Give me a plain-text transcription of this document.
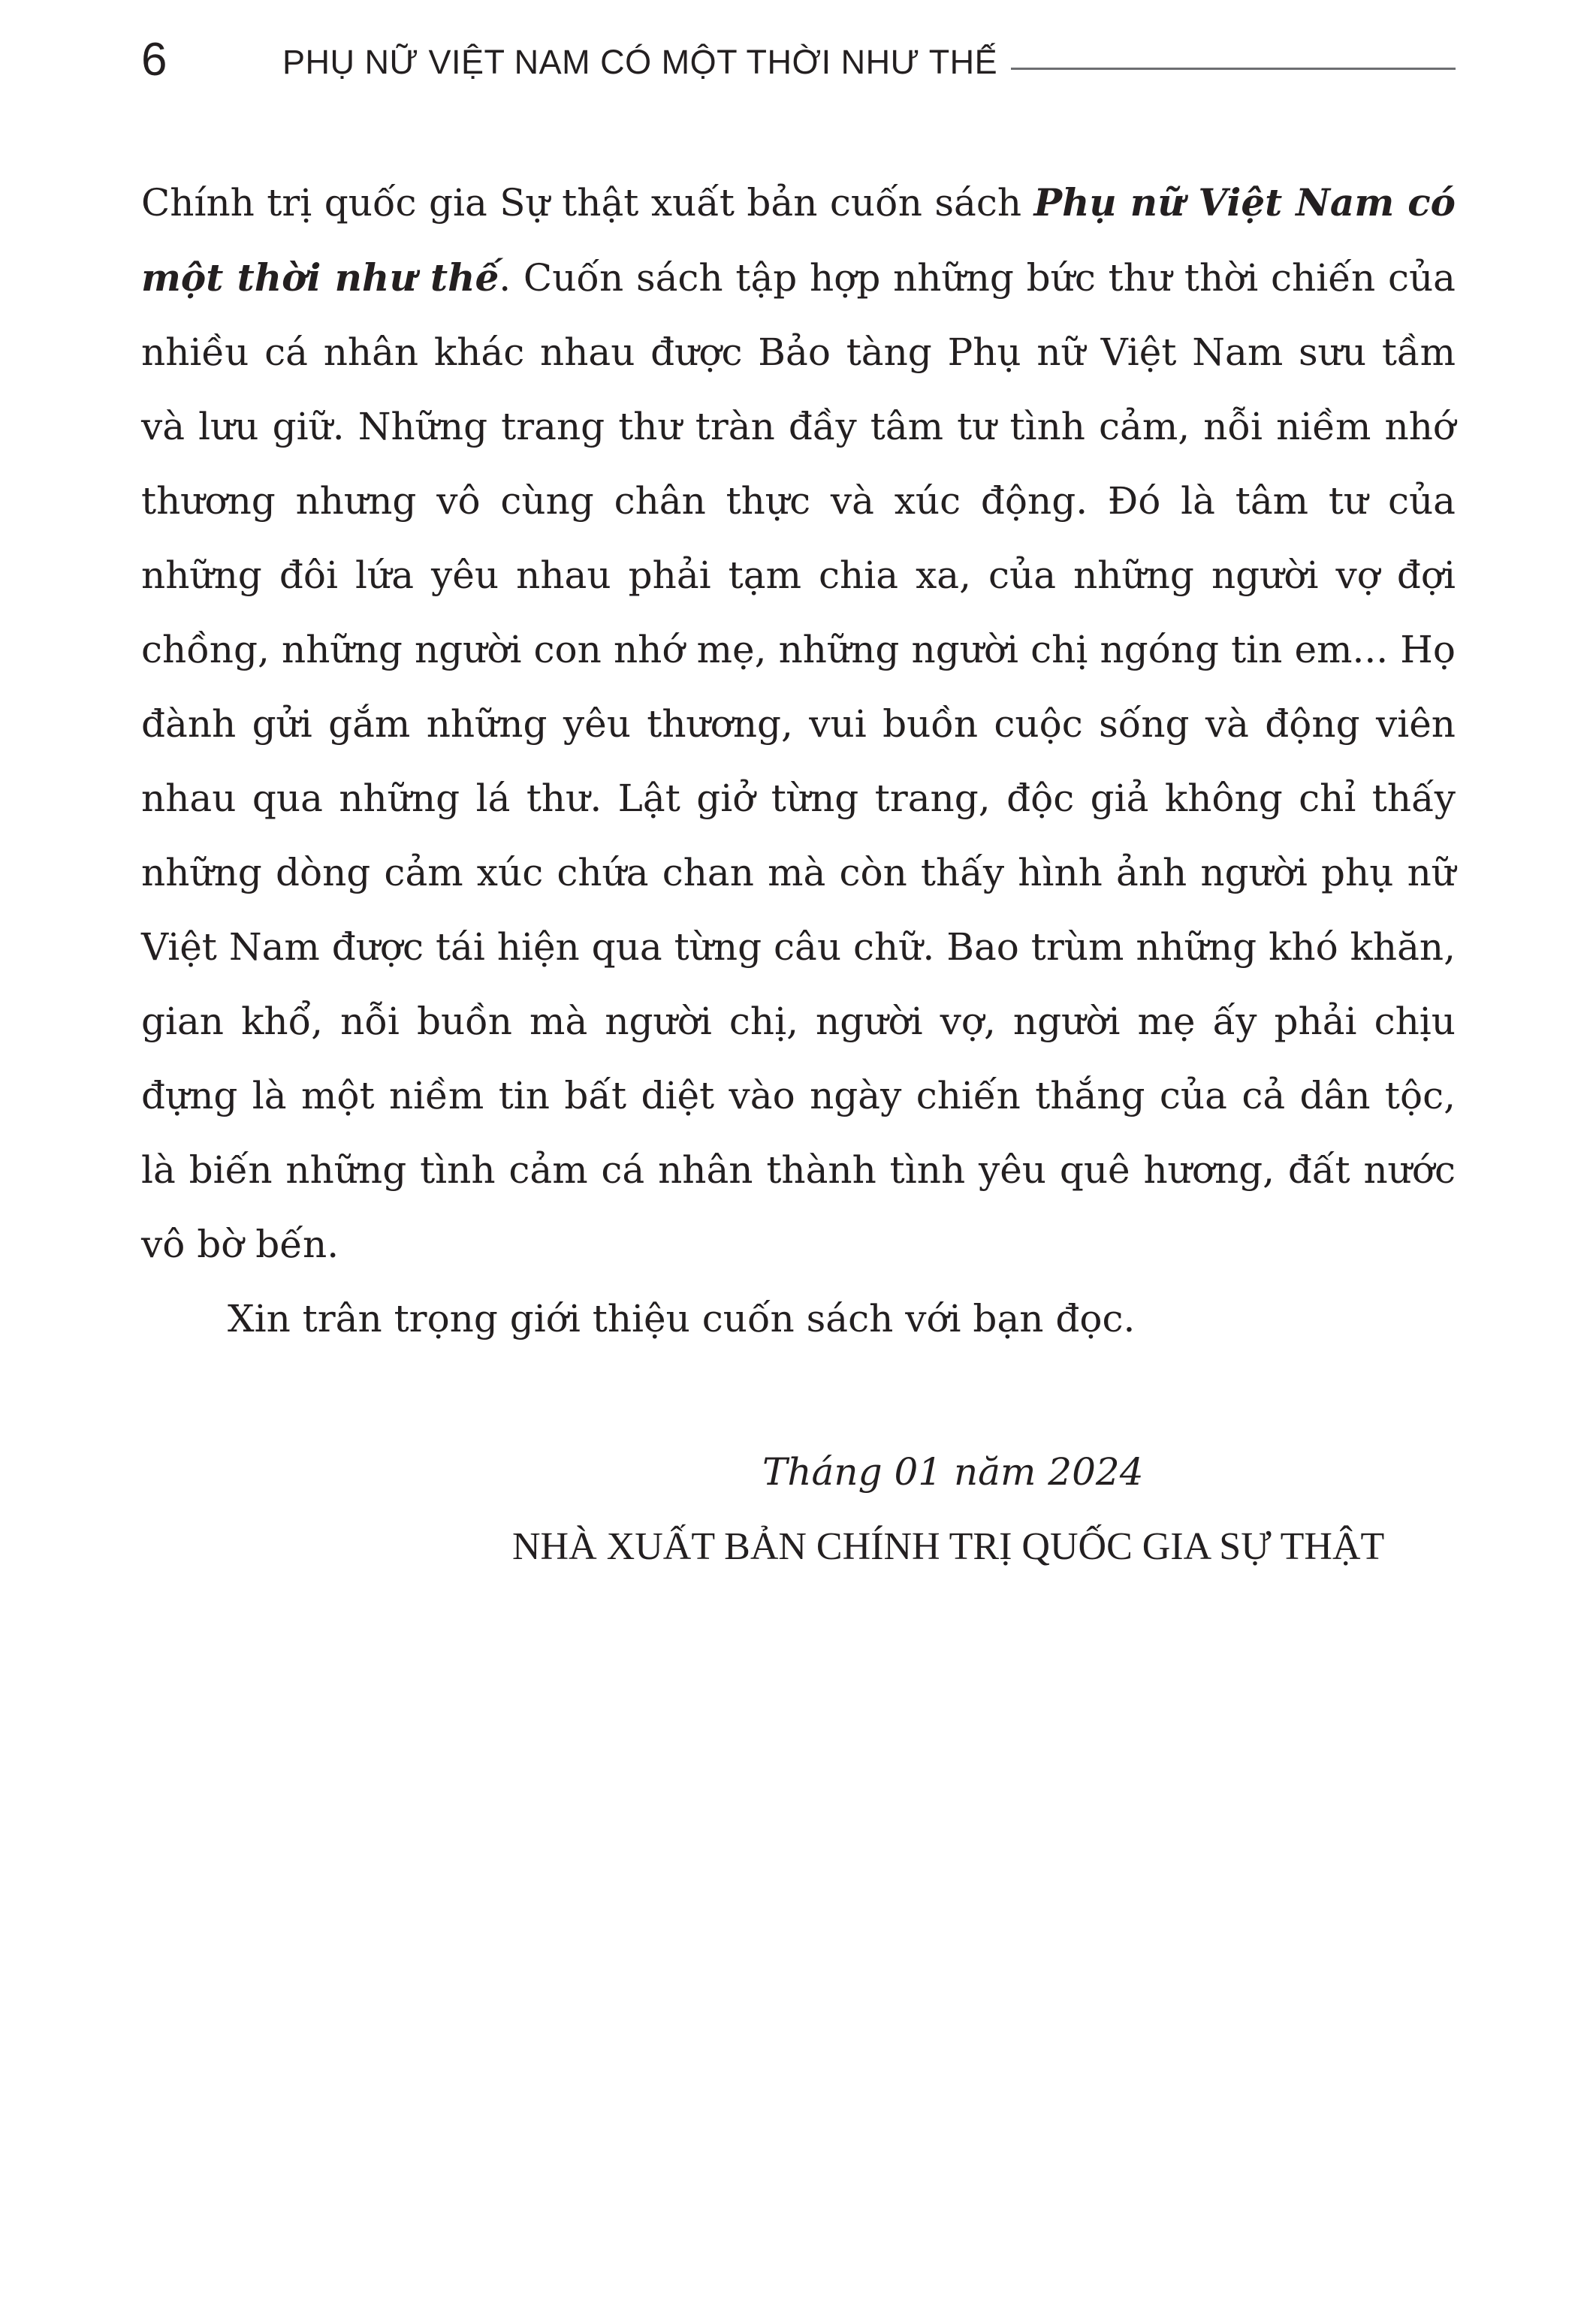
6	PHỤ NỮ VIỆT NAM CÓ MỘT THỜI NHƯ THẾ

Chính trị quốc gia Sự thật xuất bản cuốn sách Phụ nữ Việt Nam có một thời như thế. Cuốn sách tập hợp những bức thư thời chiến của nhiều cá nhân khác nhau được Bảo tàng Phụ nữ Việt Nam sưu tầm và lưu giữ. Những trang thư tràn đầy tâm tư tình cảm, nỗi niềm nhớ thương nhưng vô cùng chân thực và xúc động. Đó là tâm tư của những đôi lứa yêu nhau phải tạm chia xa, của những người vợ đợi chồng, những người con nhớ mẹ, những người chị ngóng tin em... Họ đành gửi gắm những yêu thương, vui buồn cuộc sống và động viên nhau qua những lá thư. Lật giở từng trang, độc giả không chỉ thấy những dòng cảm xúc chứa chan mà còn thấy hình ảnh người phụ nữ Việt Nam được tái hiện qua từng câu chữ. Bao trùm những khó khăn, gian khổ, nỗi buồn mà người chị, người vợ, người mẹ ấy phải chịu đựng là một niềm tin bất diệt vào ngày chiến thắng của cả dân tộc, là biến những tình cảm cá nhân thành tình yêu quê hương, đất nước vô bờ bến.

Xin trân trọng giới thiệu cuốn sách với bạn đọc.

Tháng 01 năm 2024
NHÀ XUẤT BẢN CHÍNH TRỊ QUỐC GIA SỰ THẬT
